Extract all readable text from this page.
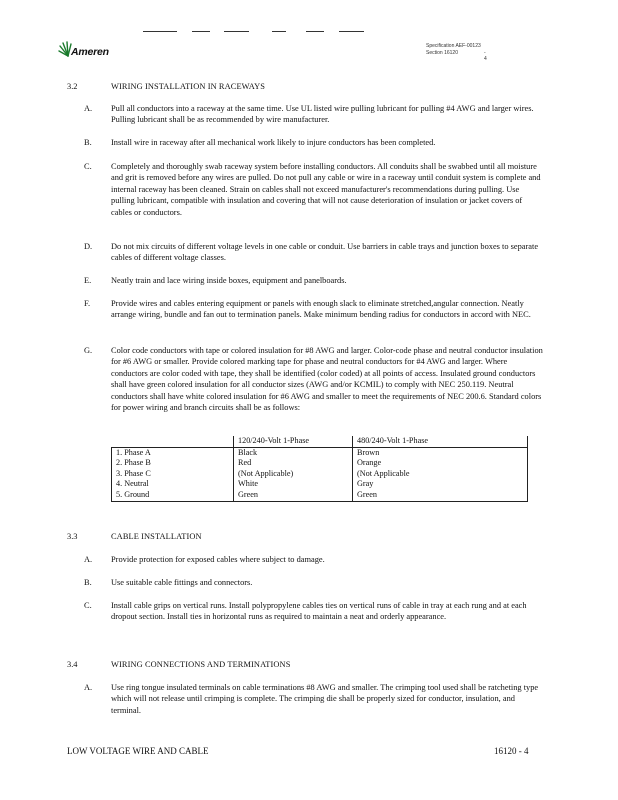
Ameren	Specification AEF-00123
Section 16120	- 4
3.2	WIRING INSTALLATION IN RACEWAYS
A. Pull all conductors into a raceway at the same time. Use UL listed wire pulling lubricant for pulling #4 AWG and larger wires. Pulling lubricant shall be as recommended by wire manufacturer.
B. Install wire in raceway after all mechanical work likely to injure conductors has been completed.
C. Completely and thoroughly swab raceway system before installing conductors. All conduits shall be swabbed until all moisture and grit is removed before any wires are pulled. Do not pull any cable or wire in a raceway until conduit system is complete and internal raceway has been cleaned. Strain on cables shall not exceed manufacturer's recommendations during pulling. Use pulling lubricant, compatible with insulation and covering that will not cause deterioration of insulation or jacket covers of cables or conductors.
D. Do not mix circuits of different voltage levels in one cable or conduit. Use barriers in cable trays and junction boxes to separate cables of different voltage classes.
E. Neatly train and lace wiring inside boxes, equipment and panelboards.
F. Provide wires and cables entering equipment or panels with enough slack to eliminate stretched,angular connection. Neatly arrange wiring, bundle and fan out to termination panels. Make minimum bending radius for conductors in accord with NEC.
G. Color code conductors with tape or colored insulation for #8 AWG and larger. Color-code phase and neutral conductor insulation for #6 AWG or smaller. Provide colored marking tape for phase and neutral conductors for #4 AWG and larger. Where conductors are color coded with tape, they shall be identified (color coded) at all points of access. Insulated ground conductors shall have green colored insulation for all conductor sizes (AWG and/or KCMIL) to comply with NEC 250.119. Neutral conductors shall have white colored insulation for #6 AWG and smaller to meet the requirements of NEC 200.6. Standard colors for power wiring and branch circuits shall be as follows:
	120/240-Volt 1-Phase	480/240-Volt 1-Phase
1. Phase A	Black	Brown
2. Phase B	Red	Orange
3. Phase C	(Not Applicable)	(Not Applicable
4. Neutral	White	Gray
5. Ground	Green	Green
3.3	CABLE INSTALLATION
A. Provide protection for exposed cables where subject to damage.
B. Use suitable cable fittings and connectors.
C. Install cable grips on vertical runs. Install polypropylene cables ties on vertical runs of cable in tray at each rung and at each dropout section. Install ties in horizontal runs as required to maintain a neat and orderly appearance.
3.4	WIRING CONNECTIONS AND TERMINATIONS
A. Use ring tongue insulated terminals on cable terminations #8 AWG and smaller. The crimping tool used shall be ratcheting type which will not release until crimping is complete. The crimping die shall be properly sized for conductor, insulation, and terminal.
LOW VOLTAGE WIRE AND CABLE	16120 - 4
